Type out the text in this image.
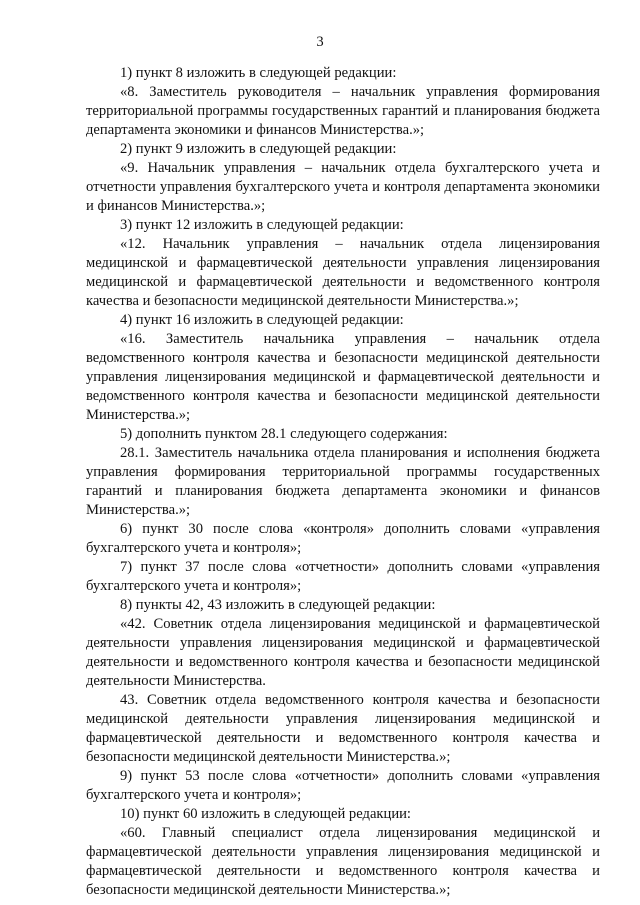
3

1) пункт 8 изложить в следующей редакции:

«8. Заместитель руководителя – начальник управления формирования территориальной программы государственных гарантий и планирования бюджета департамента экономики и финансов Министерства.»;

2) пункт 9 изложить в следующей редакции:

«9. Начальник управления – начальник отдела бухгалтерского учета и отчетности управления бухгалтерского учета и контроля департамента экономики и финансов Министерства.»;

3) пункт 12 изложить в следующей редакции:

«12. Начальник управления – начальник отдела лицензирования медицинской и фармацевтической деятельности управления лицензирования медицинской и фармацевтической деятельности и ведомственного контроля качества и безопасности медицинской деятельности Министерства.»;

4) пункт 16 изложить в следующей редакции:

«16. Заместитель начальника управления – начальник отдела ведомственного контроля качества и безопасности медицинской деятельности управления лицензирования медицинской и фармацевтической деятельности и ведомственного контроля качества и безопасности медицинской деятельности Министерства.»;

5) дополнить пунктом 28.1 следующего содержания:

28.1. Заместитель начальника отдела планирования и исполнения бюджета управления формирования территориальной программы государственных гарантий и планирования бюджета департамента экономики и финансов Министерства.»;

6) пункт 30 после слова «контроля» дополнить словами «управления бухгалтерского учета и контроля»;

7) пункт 37 после слова «отчетности» дополнить словами «управления бухгалтерского учета и контроля»;

8) пункты 42, 43 изложить в следующей редакции:

«42. Советник отдела лицензирования медицинской и фармацевтической деятельности управления лицензирования медицинской и фармацевтической деятельности и ведомственного контроля качества и безопасности медицинской деятельности Министерства.

43. Советник отдела ведомственного контроля качества и безопасности медицинской деятельности управления лицензирования медицинской и фармацевтической деятельности и ведомственного контроля качества и безопасности медицинской деятельности Министерства.»;

9) пункт 53 после слова «отчетности» дополнить словами «управления бухгалтерского учета и контроля»;

10) пункт 60 изложить в следующей редакции:

«60. Главный специалист отдела лицензирования медицинской и фармацевтической деятельности управления лицензирования медицинской и фармацевтической деятельности и ведомственного контроля качества и безопасности медицинской деятельности Министерства.»;
